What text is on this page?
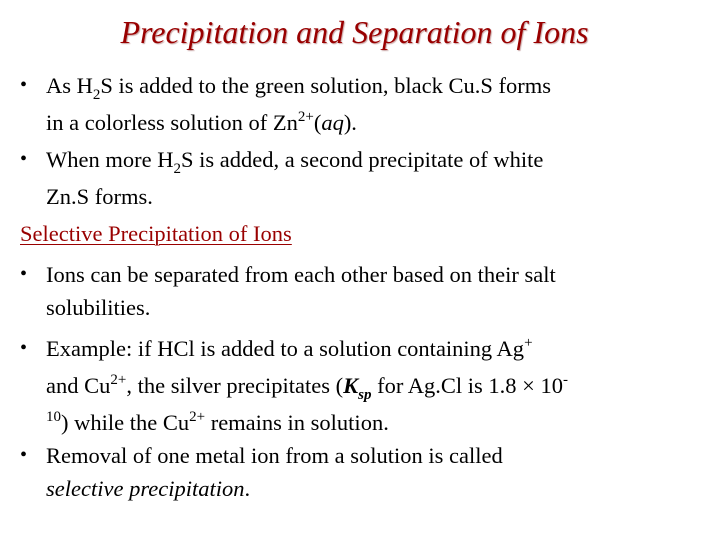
Precipitation and Separation of Ions
• As $H_2S$ is added to the green solution, black Cu.S forms
in a colorless solution of $Zn^{2+}(aq)$.
• When more $H_2S$ is added, a second precipitate of white
Zn.S forms.
Selective Precipitation of Ions
• Ions can be separated from each other based on their salt
solubilities.
• Example: if HCl is added to a solution containing Ag+
and $Cu^{2+}$, the silver precipitates ($K_{sp}$ for Ag.Cl is 1.8 × 10-
$^{10}$) while the $Cu^{2+}$ remains in solution.
• Removal of one metal ion from a solution is called
selective precipitation.
